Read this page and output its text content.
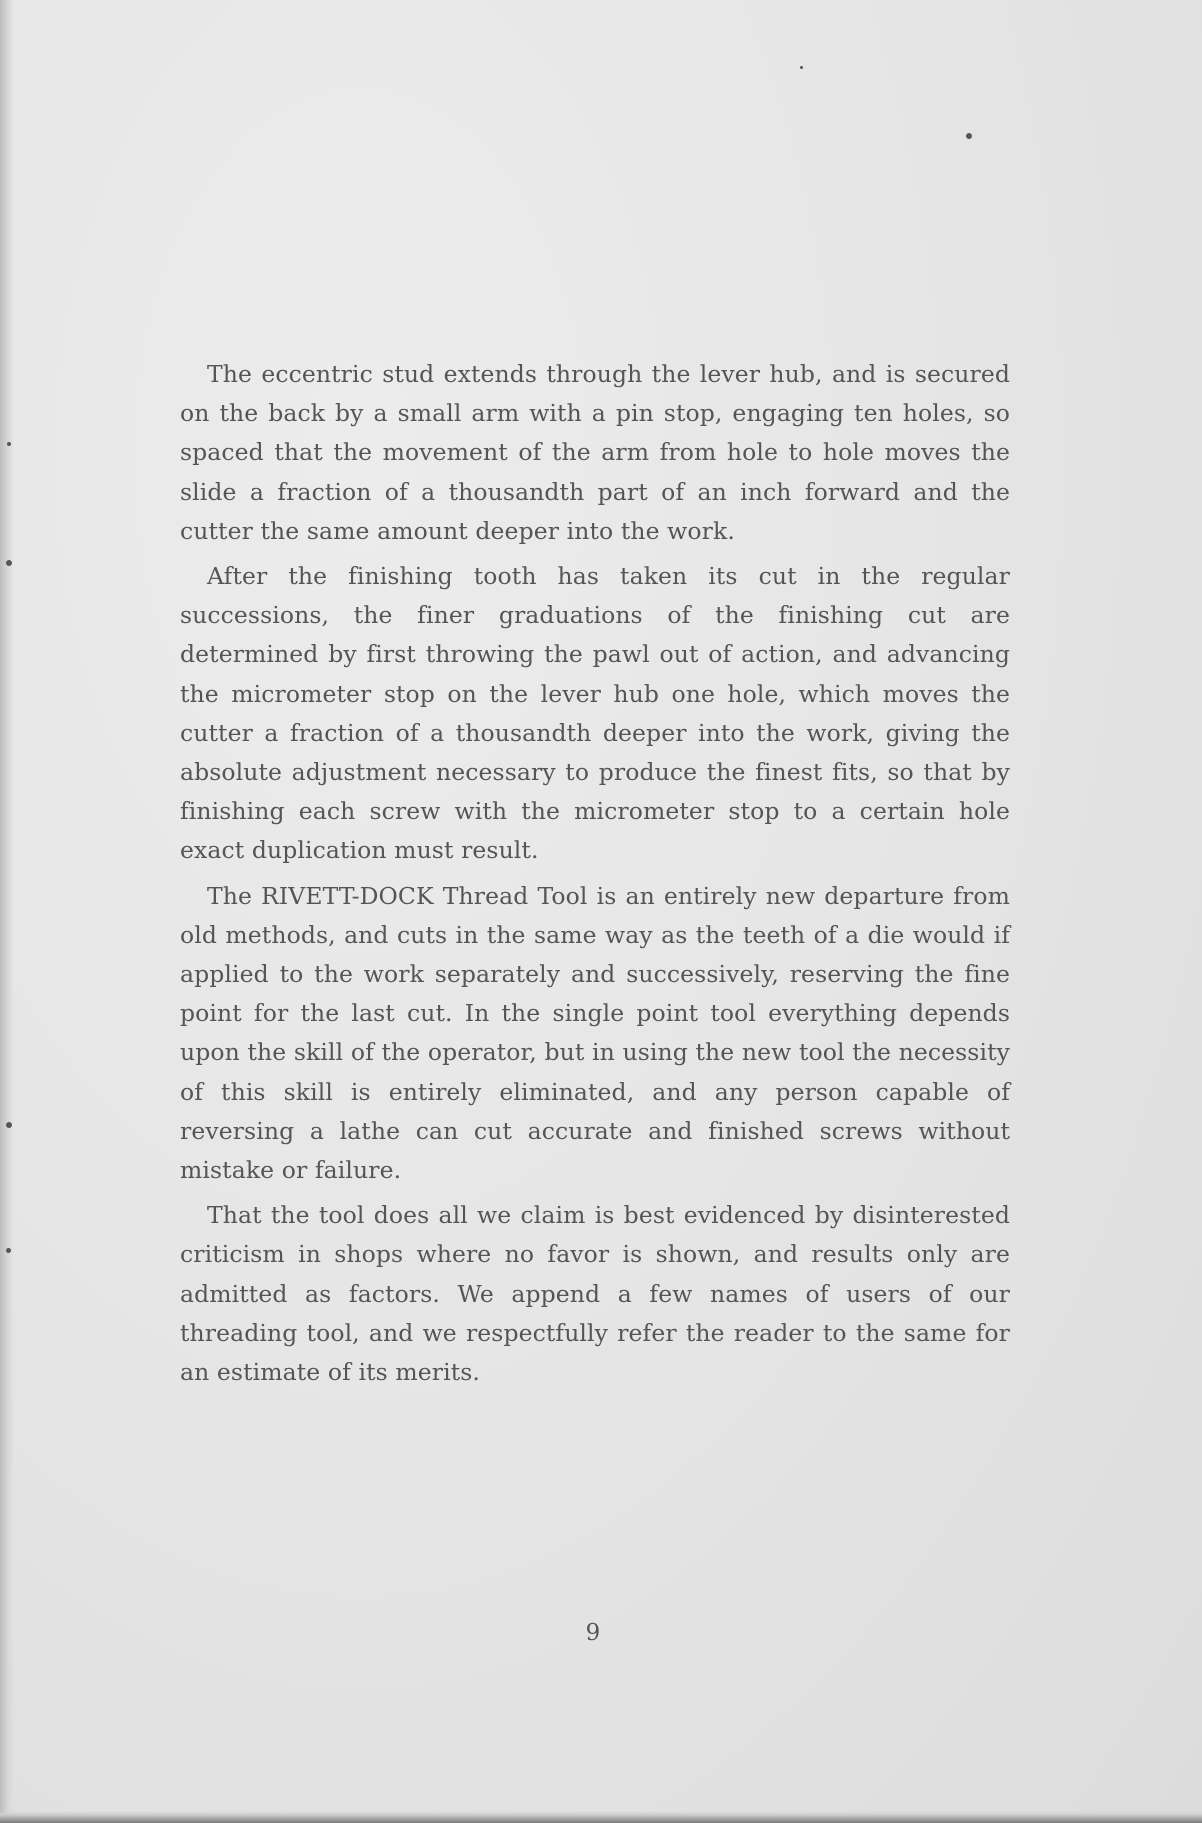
The eccentric stud extends through the lever hub, and is secured on the back by a small arm with a pin stop, engaging ten holes, so spaced that the movement of the arm from hole to hole moves the slide a fraction of a thousandth part of an inch forward and the cutter the same amount deeper into the work.

After the finishing tooth has taken its cut in the regular successions, the finer graduations of the finishing cut are determined by first throwing the pawl out of action, and advancing the micrometer stop on the lever hub one hole, which moves the cutter a fraction of a thousandth deeper into the work, giving the absolute adjustment necessary to produce the finest fits, so that by finishing each screw with the micrometer stop to a certain hole exact duplication must result.

The RIVETT-DOCK Thread Tool is an entirely new departure from old methods, and cuts in the same way as the teeth of a die would if applied to the work separately and successively, reserving the fine point for the last cut. In the single point tool everything depends upon the skill of the operator, but in using the new tool the necessity of this skill is entirely eliminated, and any person capable of reversing a lathe can cut accurate and finished screws without mistake or failure.

That the tool does all we claim is best evidenced by disinterested criticism in shops where no favor is shown, and results only are admitted as factors. We append a few names of users of our threading tool, and we respectfully refer the reader to the same for an estimate of its merits.

9
